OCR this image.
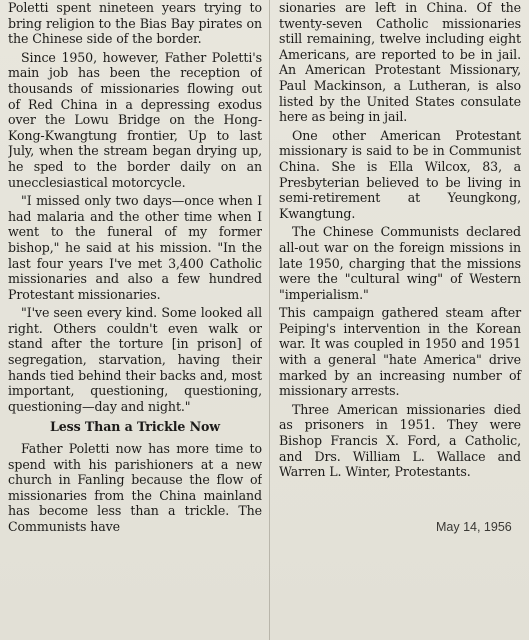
Poletti spent nineteen years trying to bring religion to the Bias Bay pirates on the Chinese side of the border.

Since 1950, however, Father Poletti's main job has been the reception of thousands of missionaries flowing out of Red China in a depressing exodus over the Lowu Bridge on the Hong-Kong-Kwangtung frontier, Up to last July, when the stream began drying up, he sped to the border daily on an unecclesiastical motorcycle.

"I missed only two days—once when I had malaria and the other time when I went to the funeral of my former bishop," he said at his mission. "In the last four years I've met 3,400 Catholic missionaries and also a few hundred Protestant missionaries.

"I've seen every kind. Some looked all right. Others couldn't even walk or stand after the torture [in prison] of segregation, starvation, having their hands tied behind their backs and, most important, questioning, questioning, questioning—day and night."

Less Than a Trickle Now

Father Poletti now has more time to spend with his parishioners at a new church in Fanling because the flow of missionaries from the China mainland has become less than a trickle. The Communists have

sionaries are left in China. Of the twenty-seven Catholic missionaries still remaining, twelve including eight Americans, are reported to be in jail. An American Protestant Missionary, Paul Mackinson, a Lutheran, is also listed by the United States consulate here as being in jail.

One other American Protestant missionary is said to be in Communist China. She is Ella Wilcox, 83, a Presbyterian believed to be living in semi-retirement at Yeungkong, Kwangtung.

The Chinese Communists declared all-out war on the foreign missions in late 1950, charging that the missions were the "cultural wing" of Western "imperialism."

This campaign gathered steam after Peiping's intervention in the Korean war. It was coupled in 1950 and 1951 with a general "hate America" drive marked by an increasing number of missionary arrests.

Three American missionaries died as prisoners in 1951. They were Bishop Francis X. Ford, a Catholic, and Drs. William L. Wallace and Warren L. Winter, Protestants.

May 14, 1956
